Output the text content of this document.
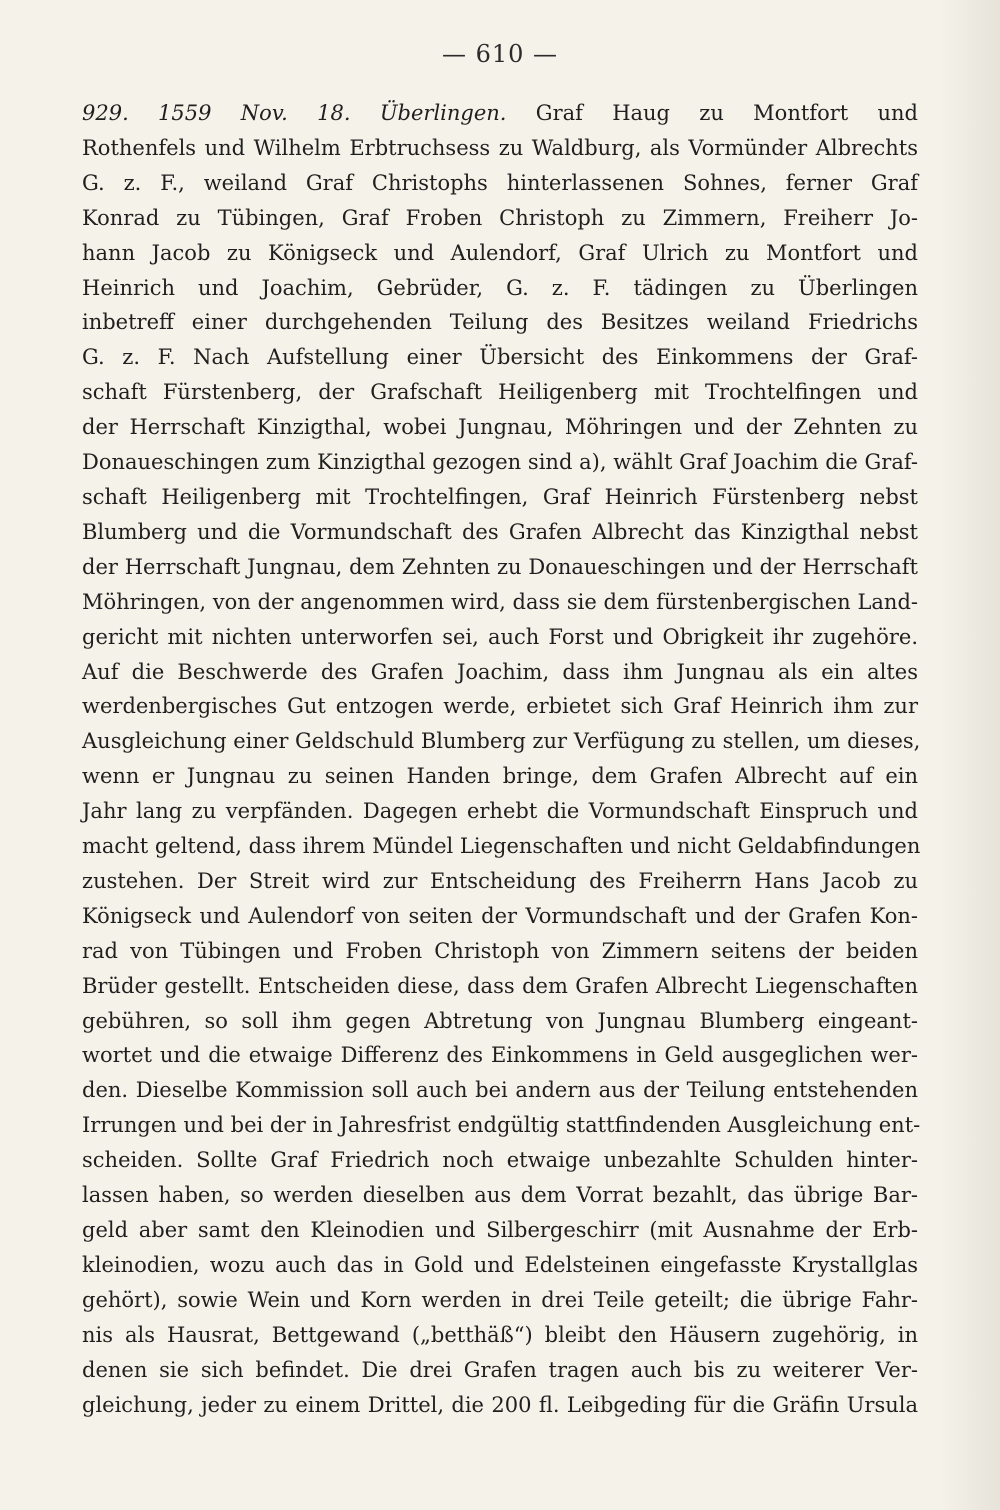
— 610 —
929. 1559 Nov. 18. Überlingen. Graf Haug zu Montfort und
Rothenfels und Wilhelm Erbtruchsess zu Waldburg, als Vormünder Albrechts
G. z. F., weiland Graf Christophs hinterlassenen Sohnes, ferner Graf
Konrad zu Tübingen, Graf Froben Christoph zu Zimmern, Freiherr Jo-
hann Jacob zu Königseck und Aulendorf, Graf Ulrich zu Montfort und
Heinrich und Joachim, Gebrüder, G. z. F. tädingen zu Überlingen
inbetreff einer durchgehenden Teilung des Besitzes weiland Friedrichs
G. z. F. Nach Aufstellung einer Übersicht des Einkommens der Graf-
schaft Fürstenberg, der Grafschaft Heiligenberg mit Trochtelfingen und
der Herrschaft Kinzigthal, wobei Jungnau, Möhringen und der Zehnten zu
Donaueschingen zum Kinzigthal gezogen sind a), wählt Graf Joachim die Graf-
schaft Heiligenberg mit Trochtelfingen, Graf Heinrich Fürstenberg nebst
Blumberg und die Vormundschaft des Grafen Albrecht das Kinzigthal nebst
der Herrschaft Jungnau, dem Zehnten zu Donaueschingen und der Herrschaft
Möhringen, von der angenommen wird, dass sie dem fürstenbergischen Land-
gericht mit nichten unterworfen sei, auch Forst und Obrigkeit ihr zugehöre.
Auf die Beschwerde des Grafen Joachim, dass ihm Jungnau als ein altes
werdenbergisches Gut entzogen werde, erbietet sich Graf Heinrich ihm zur
Ausgleichung einer Geldschuld Blumberg zur Verfügung zu stellen, um dieses,
wenn er Jungnau zu seinen Handen bringe, dem Grafen Albrecht auf ein
Jahr lang zu verpfänden. Dagegen erhebt die Vormundschaft Einspruch und
macht geltend, dass ihrem Mündel Liegenschaften und nicht Geldabfindungen
zustehen. Der Streit wird zur Entscheidung des Freiherrn Hans Jacob zu
Königseck und Aulendorf von seiten der Vormundschaft und der Grafen Kon-
rad von Tübingen und Froben Christoph von Zimmern seitens der beiden
Brüder gestellt. Entscheiden diese, dass dem Grafen Albrecht Liegenschaften
gebühren, so soll ihm gegen Abtretung von Jungnau Blumberg eingeant-
wortet und die etwaige Differenz des Einkommens in Geld ausgeglichen wer-
den. Dieselbe Kommission soll auch bei andern aus der Teilung entstehenden
Irrungen und bei der in Jahresfrist endgültig stattfindenden Ausgleichung ent-
scheiden. Sollte Graf Friedrich noch etwaige unbezahlte Schulden hinter-
lassen haben, so werden dieselben aus dem Vorrat bezahlt, das übrige Bar-
geld aber samt den Kleinodien und Silbergeschirr (mit Ausnahme der Erb-
kleinodien, wozu auch das in Gold und Edelsteinen eingefasste Krystallglas
gehört), sowie Wein und Korn werden in drei Teile geteilt; die übrige Fahr-
nis als Hausrat, Bettgewand („betthäß“) bleibt den Häusern zugehörig, in
denen sie sich befindet. Die drei Grafen tragen auch bis zu weiterer Ver-
gleichung, jeder zu einem Drittel, die 200 fl. Leibgeding für die Gräfin Ursula
